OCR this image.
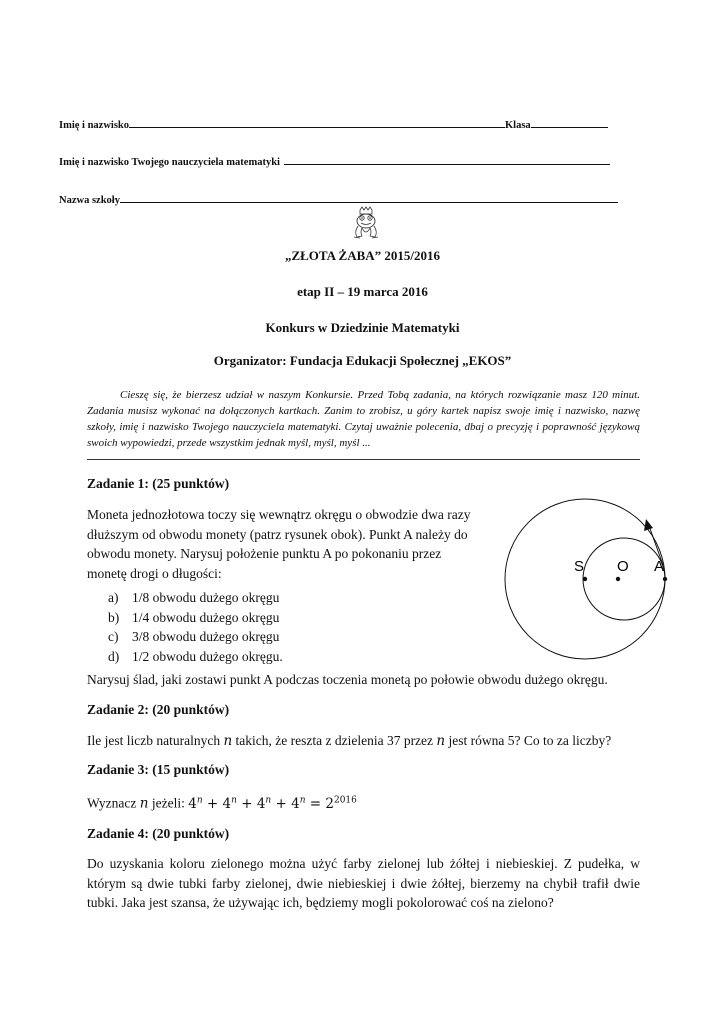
Imię i nazwisko	Klasa
Imię i nazwisko Twojego nauczyciela matematyki
Nazwa szkoły
„ZŁOTA ŻABA” 2015/2016
etap II – 19 marca 2016
Konkurs w Dziedzinie Matematyki
Organizator: Fundacja Edukacji Społecznej „EKOS”
Cieszę się, że bierzesz udział w naszym Konkursie. Przed Tobą zadania, na których rozwiązanie masz 120 minut. Zadania musisz wykonać na dołączonych kartkach. Zanim to zrobisz, u góry kartek napisz swoje imię i nazwisko, nazwę szkoły, imię i nazwisko Twojego nauczyciela matematyki. Czytaj uważnie polecenia, dbaj o precyzję i poprawność językową swoich wypowiedzi, przede wszystkim jednak myśl, myśl, myśl ...
Zadanie 1: (25 punktów)
Moneta jednozłotowa toczy się wewnątrz okręgu o obwodzie dwa razy
dłuższym od obwodu monety (patrz rysunek obok). Punkt A należy do
obwodu monety. Narysuj położenie punktu A po pokonaniu przez
monetę drogi o długości:
a) 1/8 obwodu dużego okręgu
b) 1/4 obwodu dużego okręgu
c) 3/8 obwodu dużego okręgu
d) 1/2 obwodu dużego okręgu.
Narysuj ślad, jaki zostawi punkt A podczas toczenia monetą po połowie obwodu dużego okręgu.
S O A
Zadanie 2: (20 punktów)
Ile jest liczb naturalnych n takich, że reszta z dzielenia 37 przez n jest równa 5? Co to za liczby?
Zadanie 3: (15 punktów)
Wyznacz n jeżeli: $4^n + 4^n + 4^n + 4^n = 2^{2016}$
Zadanie 4: (20 punktów)
Do uzyskania koloru zielonego można użyć farby zielonej lub żółtej i niebieskiej. Z pudełka, w którym są dwie tubki farby zielonej, dwie niebieskiej i dwie żółtej, bierzemy na chybił trafił dwie tubki. Jaka jest szansa, że używając ich, będziemy mogli pokolorować coś na zielono?
